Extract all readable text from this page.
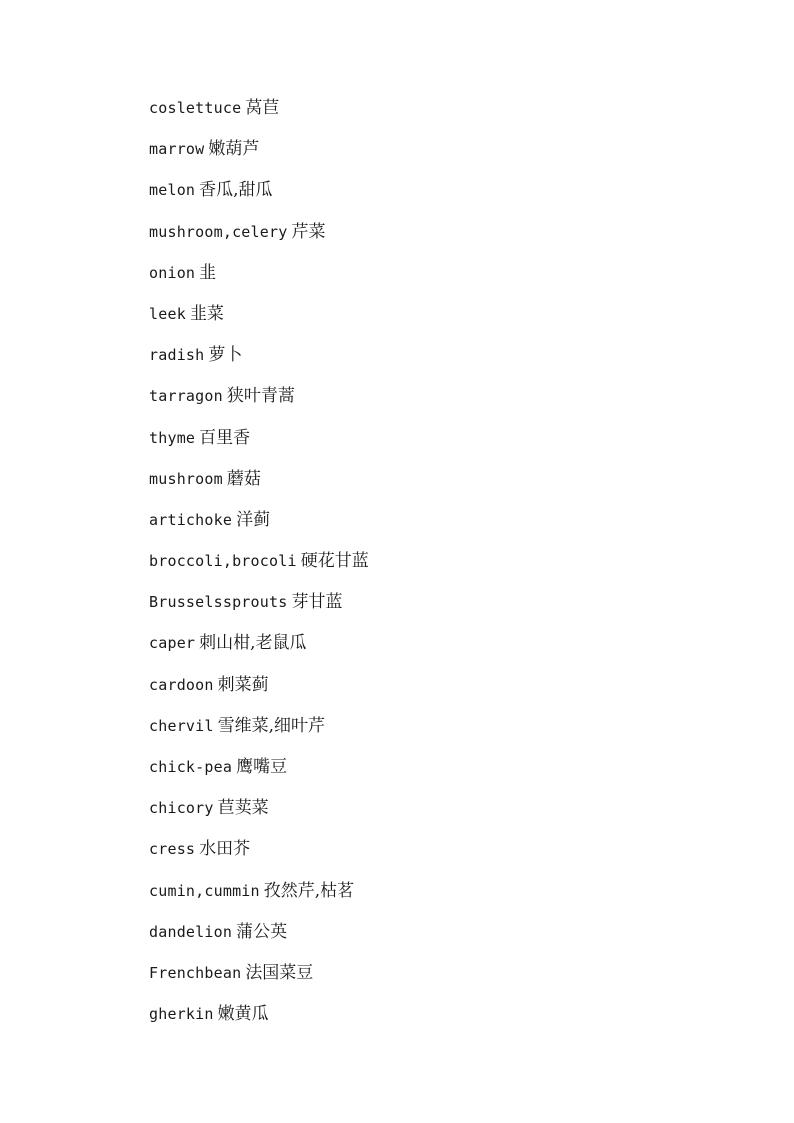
coslettuce 莴苣
marrow 嫩葫芦
melon 香瓜,甜瓜
mushroom,celery 芹菜
onion 韭
leek 韭菜
radish 萝卜
tarragon 狭叶青蒿
thyme 百里香
mushroom 蘑菇
artichoke 洋蓟
broccoli,brocoli 硬花甘蓝
Brusselssprouts 芽甘蓝
caper 刺山柑,老鼠瓜
cardoon 刺菜蓟
chervil 雪维菜,细叶芹
chick-pea 鹰嘴豆
chicory 苣荬菜
cress 水田芥
cumin,cummin 孜然芹,枯茗
dandelion 蒲公英
Frenchbean 法国菜豆
gherkin 嫩黄瓜
